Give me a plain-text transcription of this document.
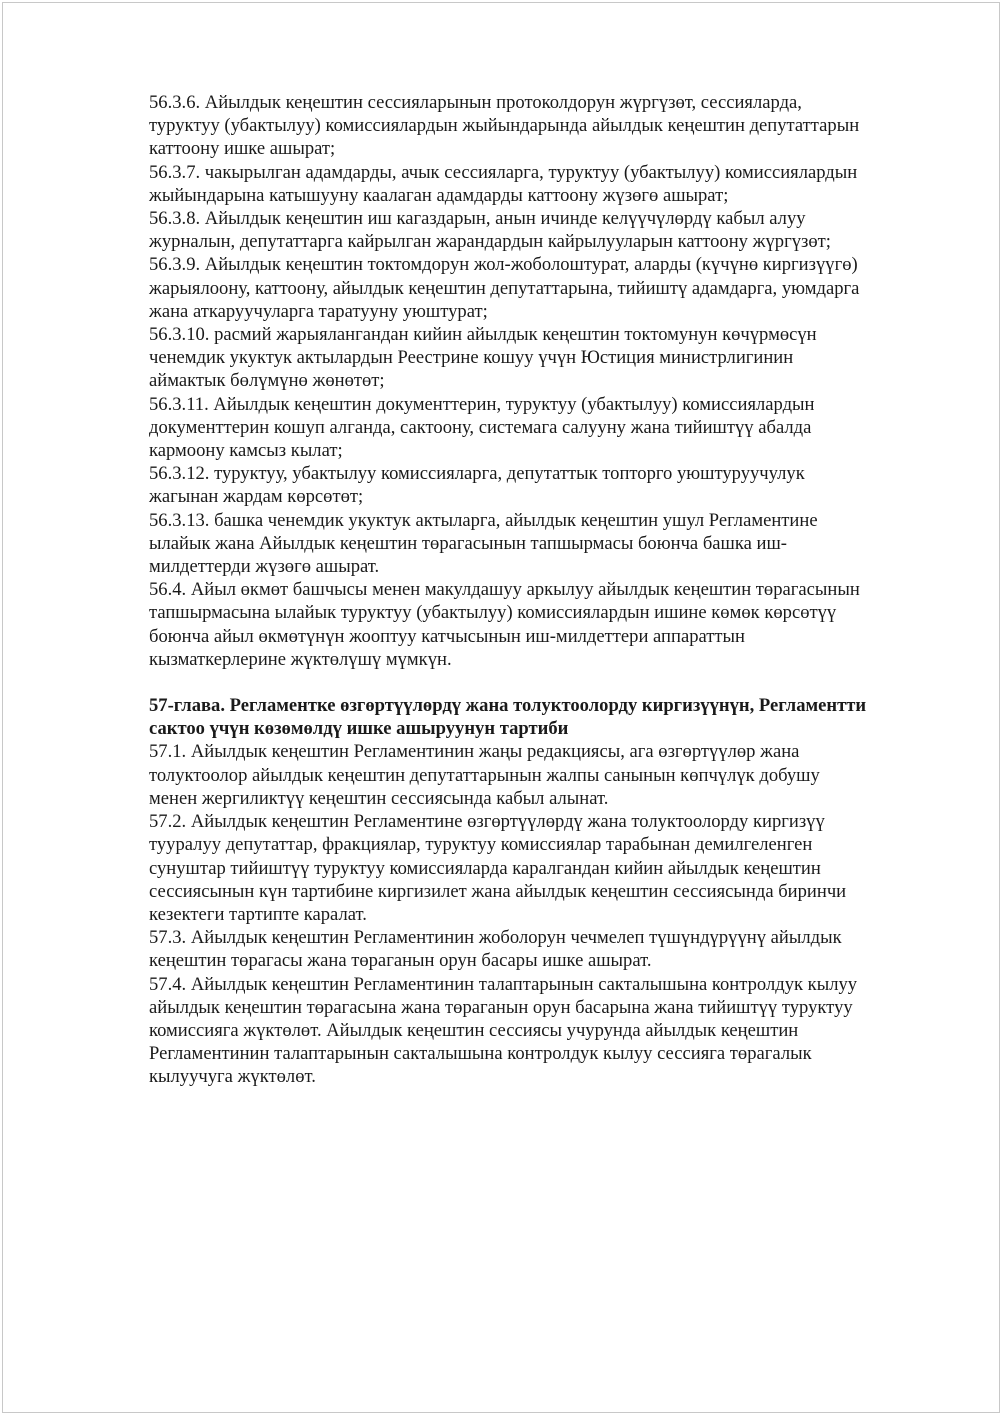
56.3.6. Айылдык кеңештин сессияларынын протоколдорун жүргүзөт, сессияларда,
туруктуу (убактылуу) комиссиялардын жыйындарында айылдык кеңештин депутаттарын
каттоону ишке ашырат;

56.3.7. чакырылган адамдарды, ачык сессияларга, туруктуу (убактылуу) комиссиялардын
жыйындарына катышууну каалаган адамдарды каттоону жүзөгө ашырат;

56.3.8. Айылдык кеңештин иш кагаздарын, анын ичинде келүүчүлөрдү кабыл алуу
журналын, депутаттарга кайрылган жарандардын кайрылууларын каттоону жүргүзөт;

56.3.9. Айылдык кеңештин токтомдорун жол-жоболоштурат, аларды (күчүнө киргизүүгө)
жарыялоону, каттоону, айылдык кеңештин депутаттарына, тийиштү адамдарга, уюмдарга
жана аткаруучуларга таратууну уюштурат;

56.3.10. расмий жарыялангандан кийин айылдык кеңештин токтомунун көчүрмөсүн
ченемдик укуктук актылардын Реестрине кошуу үчүн Юстиция министрлигинин
аймактык бөлүмүнө жөнөтөт;

56.3.11. Айылдык кеңештин документтерин, туруктуу (убактылуу) комиссиялардын
документтерин кошуп алганда, сактоону, системага салууну жана тийиштүү абалда
кармоону камсыз кылат;

56.3.12. туруктуу, убактылуу комиссияларга, депутаттык топторго уюштуруучулук
жагынан жардам көрсөтөт;

56.3.13. башка ченемдик укуктук актыларга, айылдык кеңештин ушул Регламентине
ылайык жана Айылдык кеңештин төрагасынын тапшырмасы боюнча башка иш-
милдеттерди жүзөгө ашырат.

56.4. Айыл өкмөт башчысы менен макулдашуу аркылуу айылдык кеңештин төрагасынын
тапшырмасына ылайык туруктуу (убактылуу) комиссиялардын ишине көмөк көрсөтүү
боюнча айыл өкмөтүнүн жооптуу катчысынын иш-милдеттери аппараттын
кызматкерлерине жүктөлүшү мүмкүн.

57-глава. Регламентке өзгөртүүлөрдү жана толуктоолорду киргизүүнүн, Регламентти
сактоо үчүн көзөмөлдү ишке ашыруунун тартиби

57.1. Айылдык кеңештин Регламентинин жаңы редакциясы, ага өзгөртүүлөр жана
толуктоолор айылдык кеңештин депутаттарынын жалпы санынын көпчүлүк добушу
менен жергиликтүү кеңештин сессиясында кабыл алынат.

57.2. Айылдык кеңештин Регламентине өзгөртүүлөрдү жана толуктоолорду киргизүү
тууралуу депутаттар, фракциялар, туруктуу комиссиялар тарабынан демилгеленген
сунуштар тийиштүү туруктуу комиссияларда каралгандан кийин айылдык кеңештин
сессиясынын күн тартибине киргизилет жана айылдык кеңештин сессиясында биринчи
кезектеги тартипте каралат.

57.3. Айылдык кеңештин Регламентинин жоболорун чечмелеп түшүндүрүүнү айылдык
кеңештин төрагасы жана төраганын орун басары ишке ашырат.

57.4. Айылдык кеңештин Регламентинин талаптарынын сакталышына контролдук кылуу
айылдык кеңештин төрагасына жана төраганын орун басарына жана тийиштүү туруктуу
комиссияга жүктөлөт. Айылдык кеңештин сессиясы учурунда айылдык кеңештин
Регламентинин талаптарынын сакталышына контролдук кылуу сессияга төрагалык
кылуучуга жүктөлөт.
